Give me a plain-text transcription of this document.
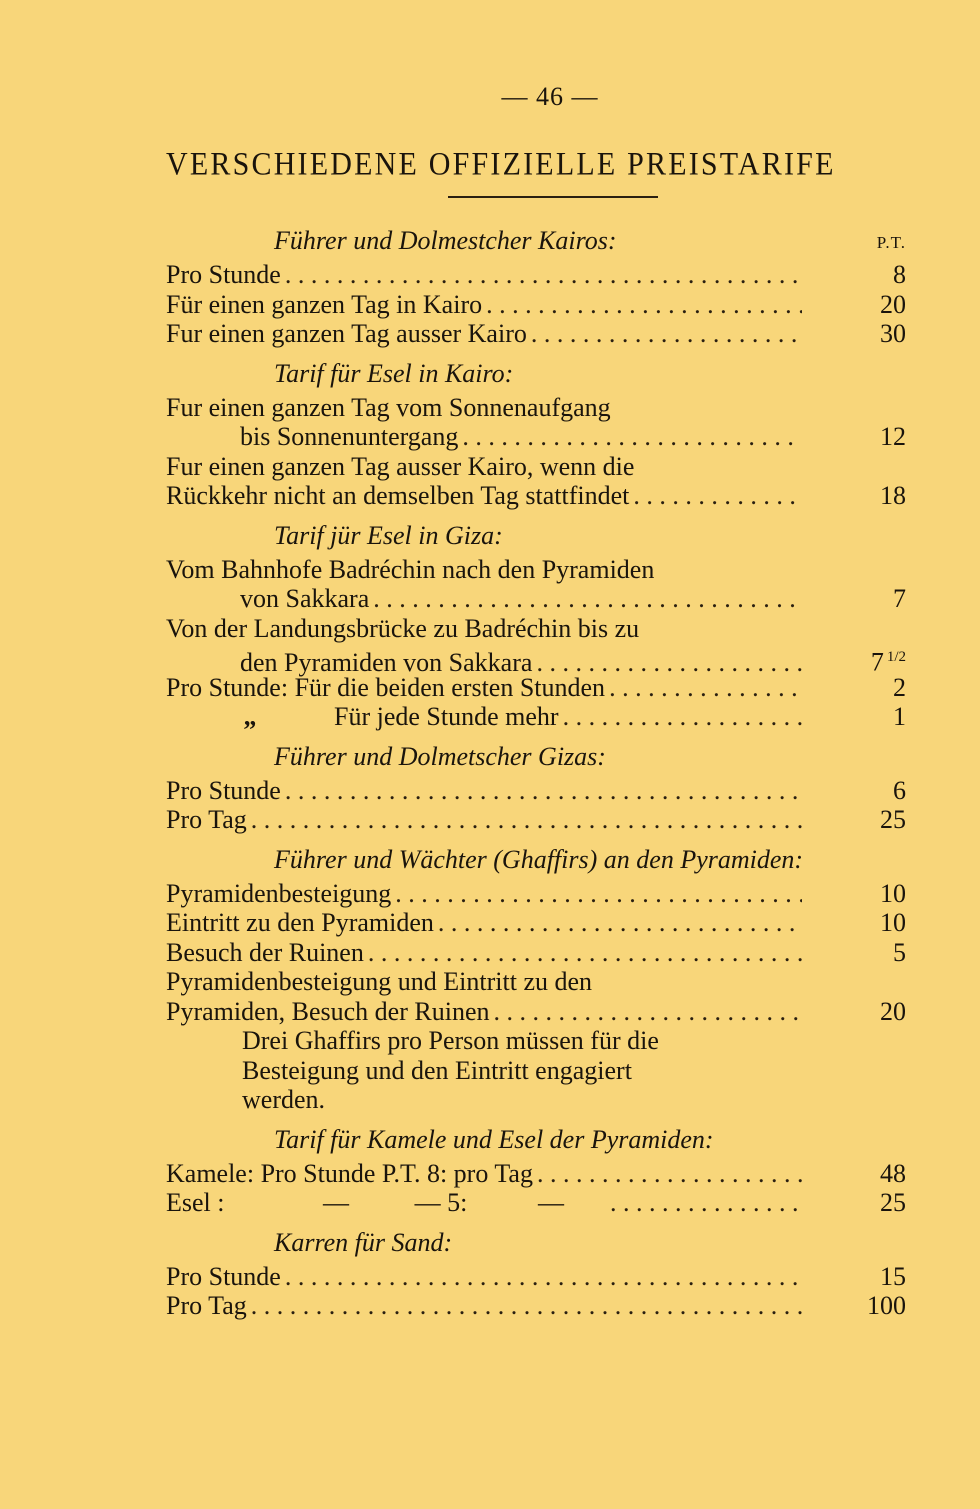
— 46 —
VERSCHIEDENE OFFIZIELLE PREISTARIFE
Führer und Dolmestcher Kairos:	P.T.
Pro Stunde . . .	8
Für einen ganzen Tag in Kairo . . .	20
Fur einen ganzen Tag ausser Kairo . . .	30
Tarif für Esel in Kairo:
Fur einen ganzen Tag vom Sonnenaufgang
bis Sonnenuntergang . . .	12
Fur einen ganzen Tag ausser Kairo, wenn die
Rückkehr nicht an demselben Tag stattfindet . . .	18
Tarif jür Esel in Giza:
Vom Bahnhofe Badréchin nach den Pyramiden
von Sakkara . . .	7
Von der Landungsbrücke zu Badréchin bis zu
den Pyramiden von Sakkara . . .	7 $^{1/2}$
Pro Stunde: Für die beiden ersten Stunden . . .	2
„	Für jede Stunde mehr . . .	1
Führer und Dolmetscher Gizas:
Pro Stunde . . .	6
Pro Tag . . .	25
Führer und Wächter (Ghaffirs) an den Pyramiden:
Pyramidenbesteigung . . .	10
Eintritt zu den Pyramiden . . .	10
Besuch der Ruinen . . .	5
Pyramidenbesteigung und Eintritt zu den
Pyramiden, Besuch der Ruinen . . .	20
Drei Ghaffirs pro Person müssen für die
Besteigung und den Eintritt engagiert
werden.
Tarif für Kamele und Esel der Pyramiden:
Kamele: Pro Stunde P.T. 8: pro Tag . . .	48
Esel :	—	— 5:	— . . .	25
Karren für Sand:
Pro Stunde . . .	15
Pro Tag . . .	100
